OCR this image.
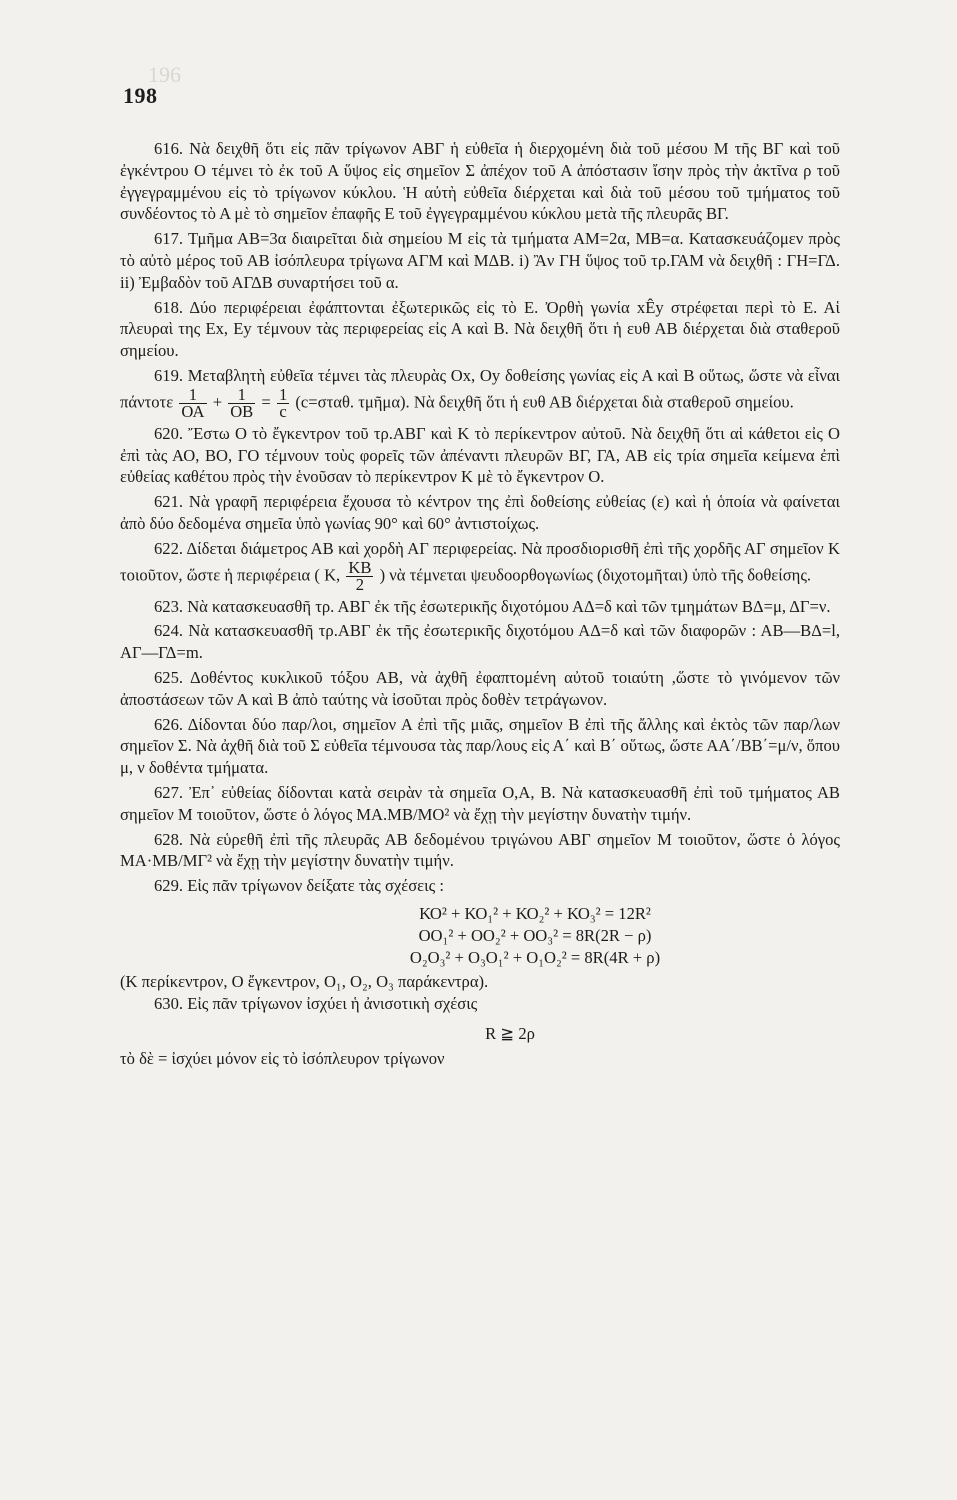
196
198

616. Νὰ δειχθῆ ὅτι εἰς πᾶν τρίγωνον ΑΒΓ ἡ εὐθεῖα ἡ διερχομένη διὰ τοῦ μέσου Μ τῆς ΒΓ καὶ τοῦ ἐγκέντρου Ο τέμνει τὸ ἐκ τοῦ Α ὕψος εἰς σημεῖον Σ ἀπέχον τοῦ Α ἀπόστασιν ἴσην πρὸς τὴν ἀκτῖνα ρ τοῦ ἐγγεγραμμένου εἰς τὸ τρίγωνον κύκλου. Ἡ αὐτὴ εὐθεῖα διέρχεται καὶ διὰ τοῦ μέσου τοῦ τμήματος τοῦ συνδέοντος τὸ Α μὲ τὸ σημεῖον ἐπαφῆς Ε τοῦ ἐγγεγραμμένου κύκλου μετὰ τῆς πλευρᾶς ΒΓ.

617. Τμῆμα ΑΒ=3α διαιρεῖται διὰ σημείου Μ εἰς τὰ τμήματα ΑΜ=2α, ΜΒ=α. Κατασκευάζομεν πρὸς τὸ αὐτὸ μέρος τοῦ ΑΒ ἰσόπλευρα τρίγωνα ΑΓΜ καὶ ΜΔΒ. i) Ἂν ΓΗ ὕψος τοῦ τρ.ΓΑΜ νὰ δειχθῆ : ΓΗ=ΓΔ. ii) Ἐμβαδὸν τοῦ ΑΓΔΒ συναρτήσει τοῦ α.

618. Δύο περιφέρειαι ἐφάπτονται ἐξωτερικῶς εἰς τὸ Ε. Ὀρθὴ γωνία xÊy στρέφεται περὶ τὸ Ε. Αἱ πλευραὶ της Εx, Εy τέμνουν τὰς περιφερείας εἰς Α καὶ Β. Νὰ δειχθῆ ὅτι ἡ ευθ ΑΒ διέρχεται διὰ σταθεροῦ σημείου.

619. Μεταβλητὴ εὐθεῖα τέμνει τὰς πλευρὰς Οx, Οy δοθείσης γωνίας εἰς Α καὶ Β οὕτως, ὥστε νὰ εἶναι πάντοτε $\frac{1}{OA} + \frac{1}{OB} = \frac{1}{c} (c=\sigma\tau\alpha\theta$. τμῆμα). Νὰ δειχθῆ ὅτι ἡ ευθ ΑΒ διέρχεται διὰ σταθεροῦ σημείου.

620. Ἔστω Ο τὸ ἔγκεντρον τοῦ τρ.ΑΒΓ καὶ Κ τὸ περίκεντρον αὐτοῦ. Νὰ δειχθῆ ὅτι αἱ κάθετοι εἰς Ο ἐπὶ τὰς ΑΟ, ΒΟ, ΓΟ τέμνουν τοὺς φορεῖς τῶν ἀπέναντι πλευρῶν ΒΓ, ΓΑ, ΑΒ εἰς τρία σημεῖα κείμενα ἐπὶ εὐθείας καθέτου πρὸς τὴν ἑνοῦσαν τὸ περίκεντρον Κ μὲ τὸ ἔγκεντρον Ο.

621. Νὰ γραφῆ περιφέρεια ἔχουσα τὸ κέντρον της ἐπὶ δοθείσης εὐθείας (ε) καὶ ἡ ὁποία νὰ φαίνεται ἀπὸ δύο δεδομένα σημεῖα ὑπὸ γωνίας 90° καὶ 60° ἀντιστοίχως.

622. Δίδεται διάμετρος ΑΒ καὶ χορδὴ ΑΓ περιφερείας. Νὰ προσδιορισθῆ ἐπὶ τῆς χορδῆς ΑΓ σημεῖον Κ τοιοῦτον, ὥστε ἡ περιφέρεια ( Κ, $\frac{KB}{2}$ ) νὰ τέμνεται ψευδοορθογωνίως (διχοτομῆται) ὑπὸ τῆς δοθείσης.

623. Νὰ κατασκευασθῆ τρ. ΑΒΓ ἐκ τῆς ἐσωτερικῆς διχοτόμου ΑΔ=δ καὶ τῶν τμημάτων ΒΔ=μ, ΔΓ=ν.

624. Νὰ κατασκευασθῆ τρ.ΑΒΓ ἐκ τῆς ἐσωτερικῆς διχοτόμου ΑΔ=δ καὶ τῶν διαφορῶν : ΑΒ—ΒΔ=l, ΑΓ—ΓΔ=m.

625. Δοθέντος κυκλικοῦ τόξου ΑΒ, νὰ ἀχθῆ ἐφαπτομένη αὐτοῦ τοιαύτη ,ὥστε τὸ γινόμενον τῶν ἀποστάσεων τῶν Α καὶ Β ἀπὸ ταύτης νὰ ἰσοῦται πρὸς δοθὲν τετράγωνον.

626. Δίδονται δύο παρ/λοι, σημεῖον Α ἐπὶ τῆς μιᾶς, σημεῖον Β ἐπὶ τῆς ἄλλης καὶ ἐκτὸς τῶν παρ/λων σημεῖον Σ. Νὰ ἀχθῆ διὰ τοῦ Σ εὐθεῖα τέμνουσα τὰς παρ/λους εἰς Α΄ καὶ Β΄ οὕτως, ὥστε ΑΑ΄/ΒΒ΄=μ/ν, ὅπου μ, ν δοθέντα τμήματα.

627. Ἐπ᾿ εὐθείας δίδονται κατὰ σειρὰν τὰ σημεῖα Ο,Α, Β. Νὰ κατασκευασθῆ ἐπὶ τοῦ τμήματος ΑΒ σημεῖον Μ τοιοῦτον, ὥστε ὁ λόγος ΜΑ.ΜΒ/ΜΟ² νὰ ἔχῃ τὴν μεγίστην δυνατὴν τιμήν.

628. Νὰ εὑρεθῆ ἐπὶ τῆς πλευρᾶς ΑΒ δεδομένου τριγώνου ΑΒΓ σημεῖον Μ τοιοῦτον, ὥστε ὁ λόγος ΜΑ·ΜΒ/ΜΓ² νὰ ἔχῃ τὴν μεγίστην δυνατὴν τιμήν.

629. Εἰς πᾶν τρίγωνον δείξατε τὰς σχέσεις :

ΚΟ² + ΚΟ₁² + ΚΟ₂² + ΚΟ₃² = 12R²
ΟΟ₁² + ΟΟ₂² + ΟΟ₃² = 8R(2R − ρ)
Ο₂Ο₃² + Ο₃Ο₁² + Ο₁Ο₂² = 8R(4R + ρ)

(Κ περίκεντρον, Ο ἔγκεντρον, Ο₁, Ο₂, Ο₃ παράκεντρα).

630. Εἰς πᾶν τρίγωνον ἰσχύει ἡ ἀνισοτικὴ σχέσις

R ≧ 2ρ

τὸ δὲ = ἰσχύει μόνον εἰς τὸ ἰσόπλευρον τρίγωνον
